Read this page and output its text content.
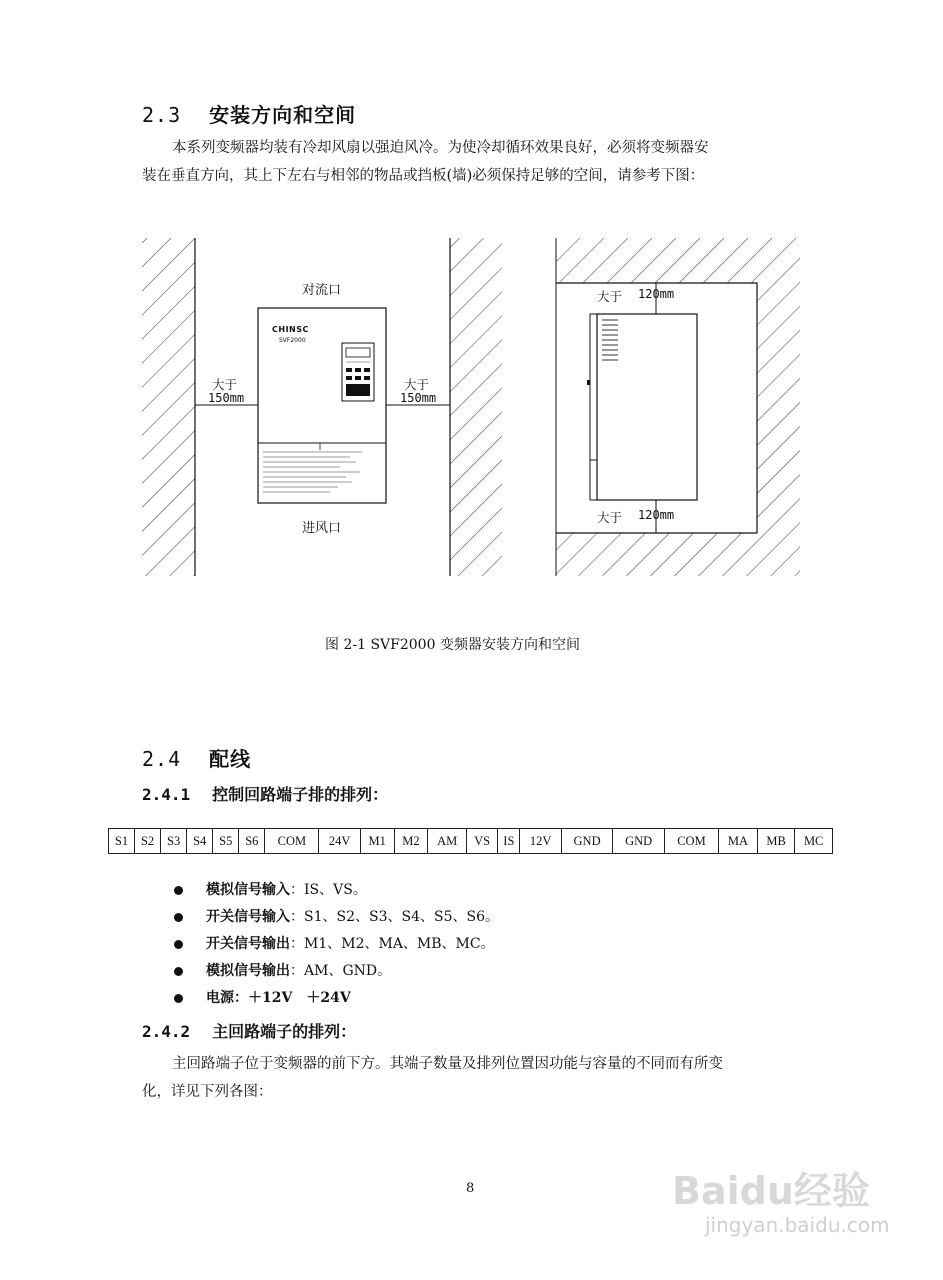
2.3 安装方向和空间
本系列变频器均装有冷却风扇以强迫风冷。为使冷却循环效果良好，必须将变频器安
装在垂直方向，其上下左右与相邻的物品或挡板(墙)必须保持足够的空间，请参考下图：
对流口
进风口
大于
150mm
大于
150mm
CHINSC
SVF2000
大于 120mm
大于 120mm
图 2-1 SVF2000 变频器安装方向和空间
2.4 配线
2.4.1 控制回路端子排的排列：
S1	S2	S3	S4	S5	S6	COM	24V	M1	M2	AM	VS	IS	12V	GND	GND	COM	MA	MB	MC
模拟信号输入：IS、VS。
开关信号输入：S1、S2、S3、S4、S5、S6。
开关信号输出：M1、M2、MA、MB、MC。
模拟信号输出：AM、GND。
电源：＋12V　＋24V
2.4.2 主回路端子的排列：
主回路端子位于变频器的前下方。其端子数量及排列位置因功能与容量的不同而有所变
化，详见下列各图：
8	Baidu经验
jingyan.baidu.com
